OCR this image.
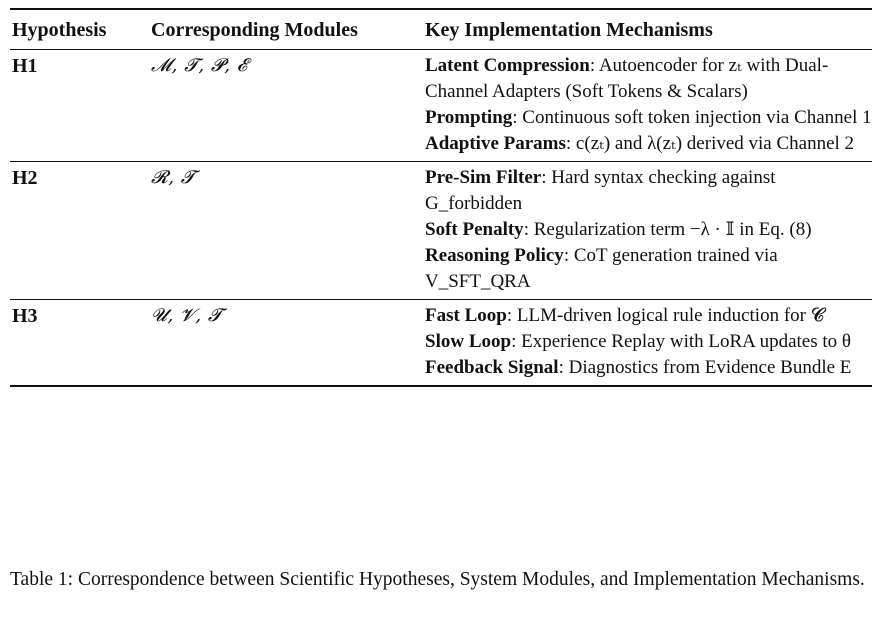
Hypothesis	Corresponding Modules	Key Implementation Mechanisms
H1	𝓜, 𝓣, 𝓟, 𝓔	Latent Compression: Autoencoder for zₜ with Dual-Channel Adapters (Soft Tokens & Scalars)
Prompting: Continuous soft token injection via Channel 1
Adaptive Params: c(zₜ) and λ(zₜ) derived via Channel 2

H2	𝓡, 𝓣	Pre-Sim Filter: Hard syntax checking against G_forbidden
Soft Penalty: Regularization term −λ · 𝕀 in Eq. (8)
Reasoning Policy: CoT generation trained via V_SFT_QRA

H3	𝓤, 𝓥, 𝓣	Fast Loop: LLM-driven logical rule induction for 𝓒
Slow Loop: Experience Replay with LoRA updates to θ
Feedback Signal: Diagnostics from Evidence Bundle E
Table 1: Correspondence between Scientific Hypotheses, System Modules, and Implementation Mechanisms.
